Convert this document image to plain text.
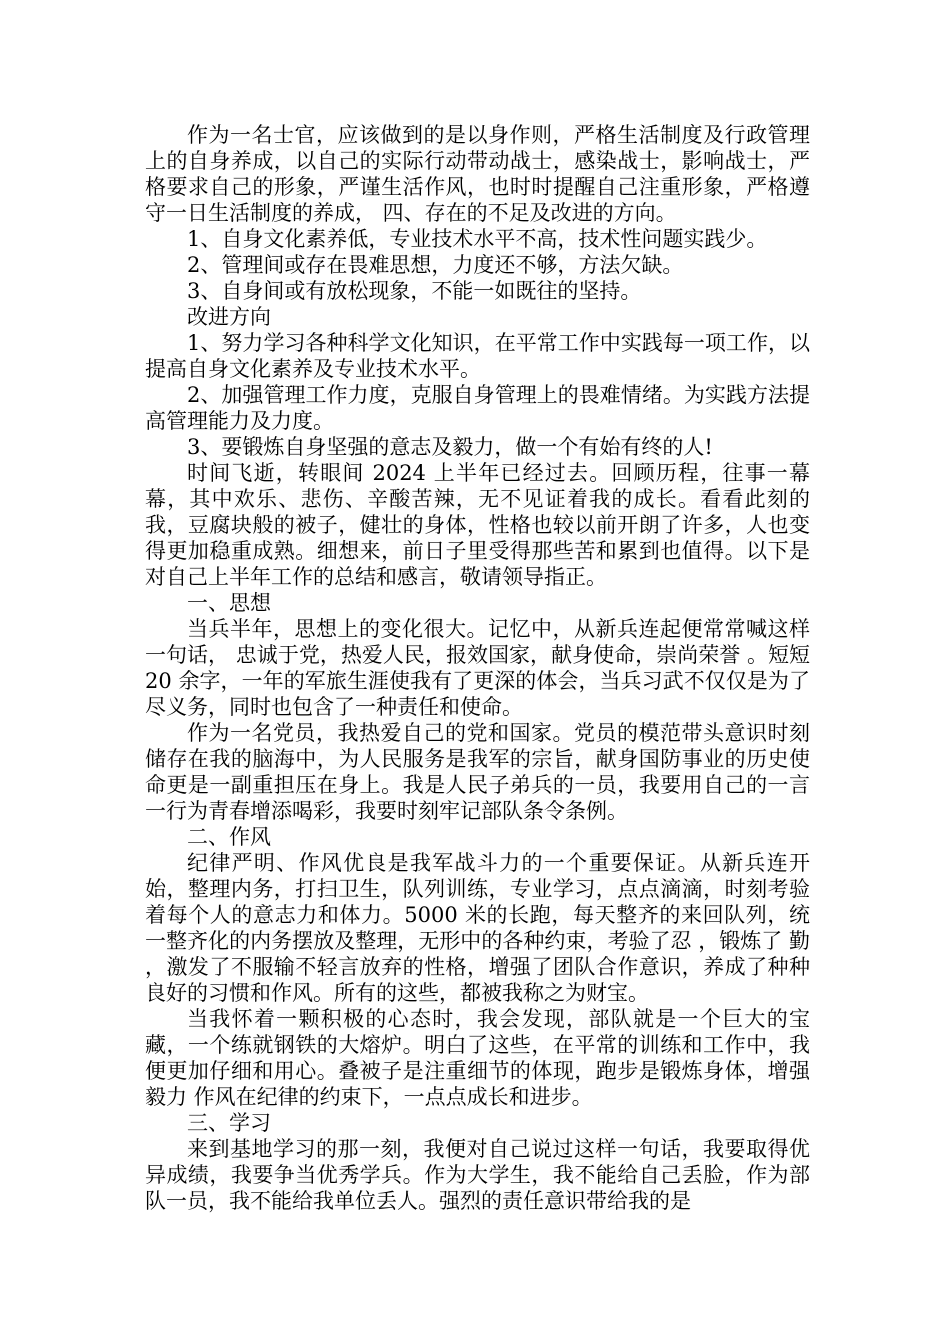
作为一名士官，应该做到的是以身作则，严格生活制度及行政管理上的自身养成，以自己的实际行动带动战士，感染战士，影响战士，严格要求自己的形象，严谨生活作风，也时时提醒自己注重形象，严格遵守一日生活制度的养成， 四、存在的不足及改进的方向。

1、自身文化素养低，专业技术水平不高，技术性问题实践少。

2、管理间或存在畏难思想，力度还不够，方法欠缺。

3、自身间或有放松现象，不能一如既往的坚持。

改进方向

1、努力学习各种科学文化知识，在平常工作中实践每一项工作，以提高自身文化素养及专业技术水平。

2、加强管理工作力度，克服自身管理上的畏难情绪。为实践方法提高管理能力及力度。

3、要锻炼自身坚强的意志及毅力，做一个有始有终的人!

时间飞逝，转眼间 2024 上半年已经过去。回顾历程，往事一幕幕，其中欢乐、悲伤、辛酸苦辣，无不见证着我的成长。看看此刻的我，豆腐块般的被子，健壮的身体，性格也较以前开朗了许多，人也变得更加稳重成熟。细想来，前日子里受得那些苦和累到也值得。以下是对自己上半年工作的总结和感言，敬请领导指正。

一、思想

当兵半年，思想上的变化很大。记忆中，从新兵连起便常常喊这样一句话， 忠诚于党，热爱人民，报效国家，献身使命，崇尚荣誉 。短短 20 余字，一年的军旅生涯使我有了更深的体会，当兵习武不仅仅是为了尽义务，同时也包含了一种责任和使命。

作为一名党员，我热爱自己的党和国家。党员的模范带头意识时刻储存在我的脑海中，为人民服务是我军的宗旨，献身国防事业的历史使命更是一副重担压在身上。我是人民子弟兵的一员，我要用自己的一言一行为青春增添喝彩，我要时刻牢记部队条令条例。

二、作风

纪律严明、作风优良是我军战斗力的一个重要保证。从新兵连开始，整理内务，打扫卫生，队列训练，专业学习，点点滴滴，时刻考验着每个人的意志力和体力。5000 米的长跑，每天整齐的来回队列，统一整齐化的内务摆放及整理，无形中的各种约束，考验了忍 ，锻炼了 勤 ，激发了不服输不轻言放弃的性格，增强了团队合作意识，养成了种种良好的习惯和作风。所有的这些，都被我称之为财宝。

当我怀着一颗积极的心态时，我会发现，部队就是一个巨大的宝藏，一个练就钢铁的大熔炉。明白了这些，在平常的训练和工作中，我便更加仔细和用心。叠被子是注重细节的体现，跑步是锻炼身体，增强毅力 作风在纪律的约束下，一点点成长和进步。

三、学习

来到基地学习的那一刻，我便对自己说过这样一句话，我要取得优异成绩，我要争当优秀学兵。作为大学生，我不能给自己丢脸，作为部队一员，我不能给我单位丢人。强烈的责任意识带给我的是
